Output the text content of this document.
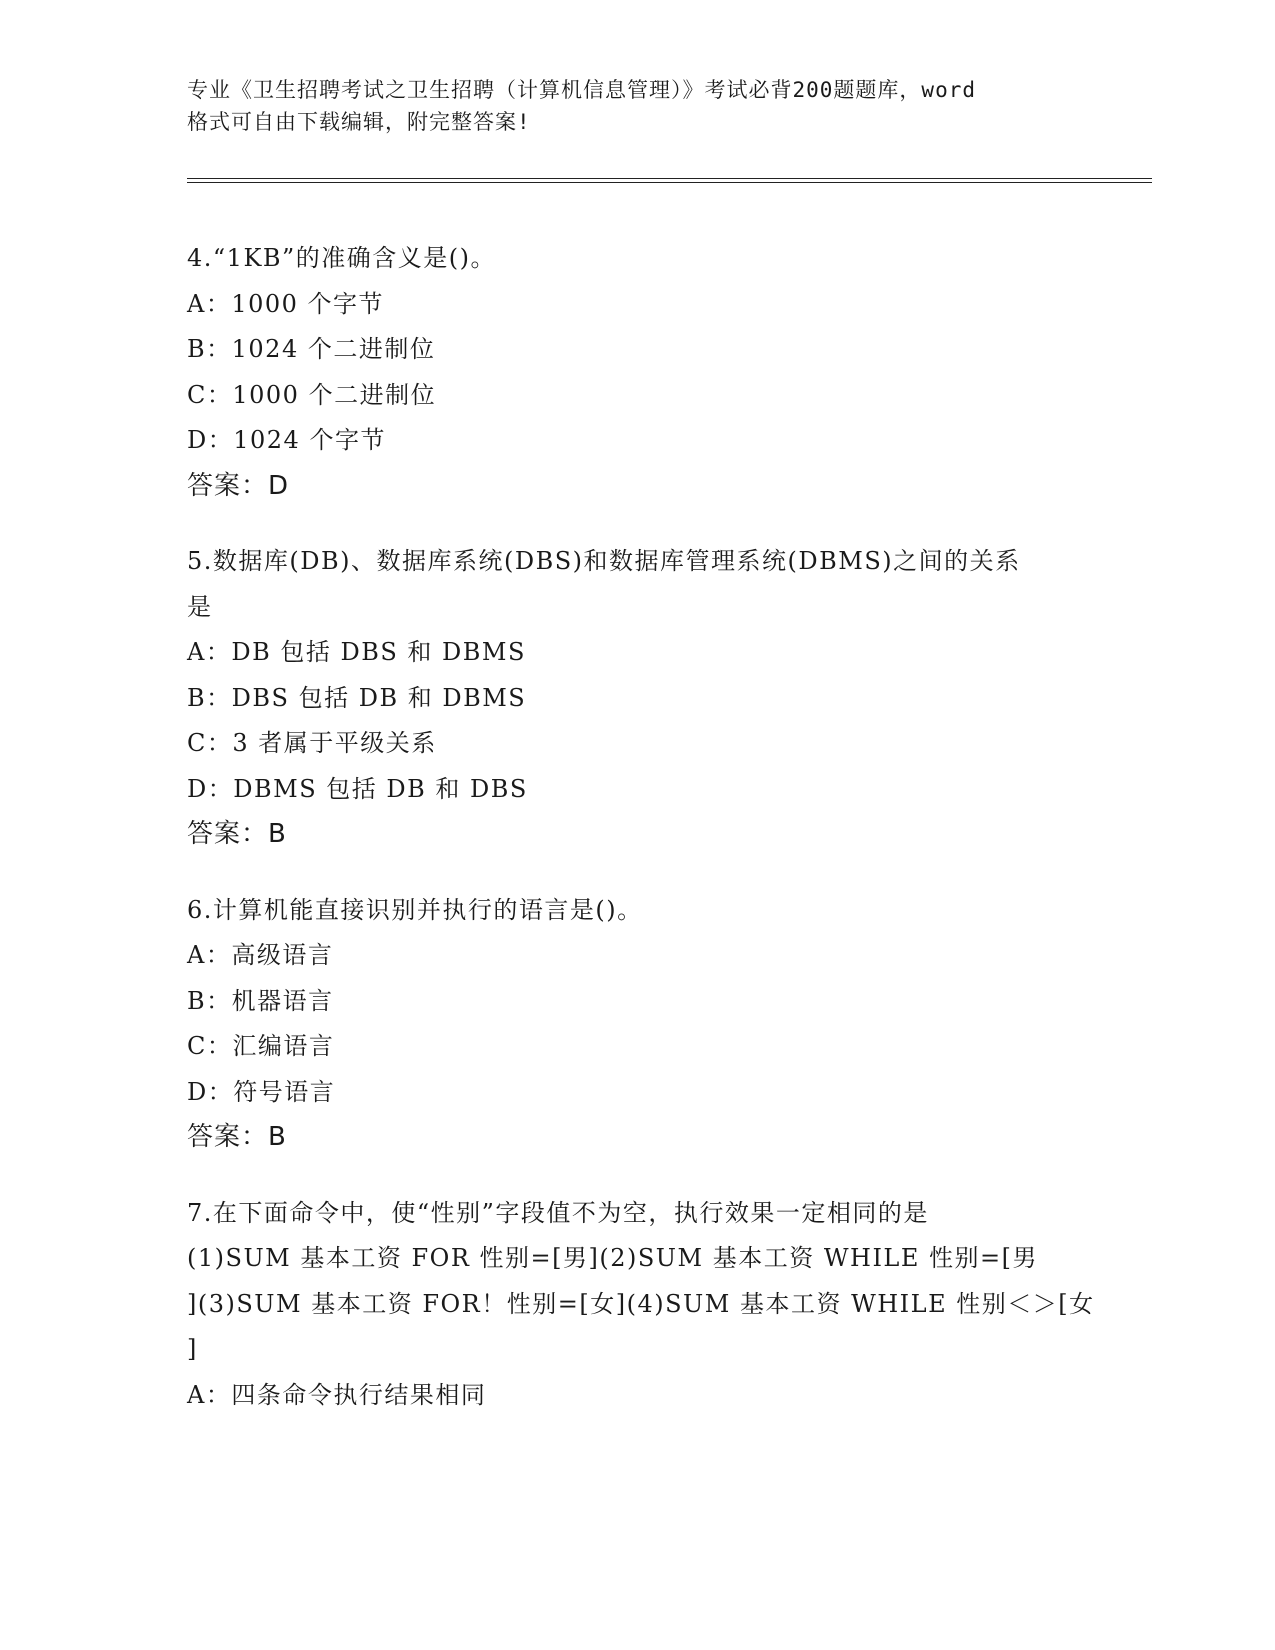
专业《卫生招聘考试之卫生招聘（计算机信息管理）》考试必背200题题库，word
格式可自由下载编辑，附完整答案!
4.“1KB”的准确含义是()。
A：1000 个字节
B：1024 个二进制位
C：1000 个二进制位
D：1024 个字节
答案：D
5.数据库(DB)、数据库系统(DBS)和数据库管理系统(DBMS)之间的关系
是
A：DB 包括 DBS 和 DBMS
B：DBS 包括 DB 和 DBMS
C：3 者属于平级关系
D：DBMS 包括 DB 和 DBS
答案：B
6.计算机能直接识别并执行的语言是()。
A：高级语言
B：机器语言
C：汇编语言
D：符号语言
答案：B
7.在下面命令中，使“性别”字段值不为空，执行效果一定相同的是
(1)SUM 基本工资 FOR 性别=[男](2)SUM 基本工资 WHILE 性别=[男
](3)SUM 基本工资 FOR！性别=[女](4)SUM 基本工资 WHILE 性别＜＞[女
]
A：四条命令执行结果相同
